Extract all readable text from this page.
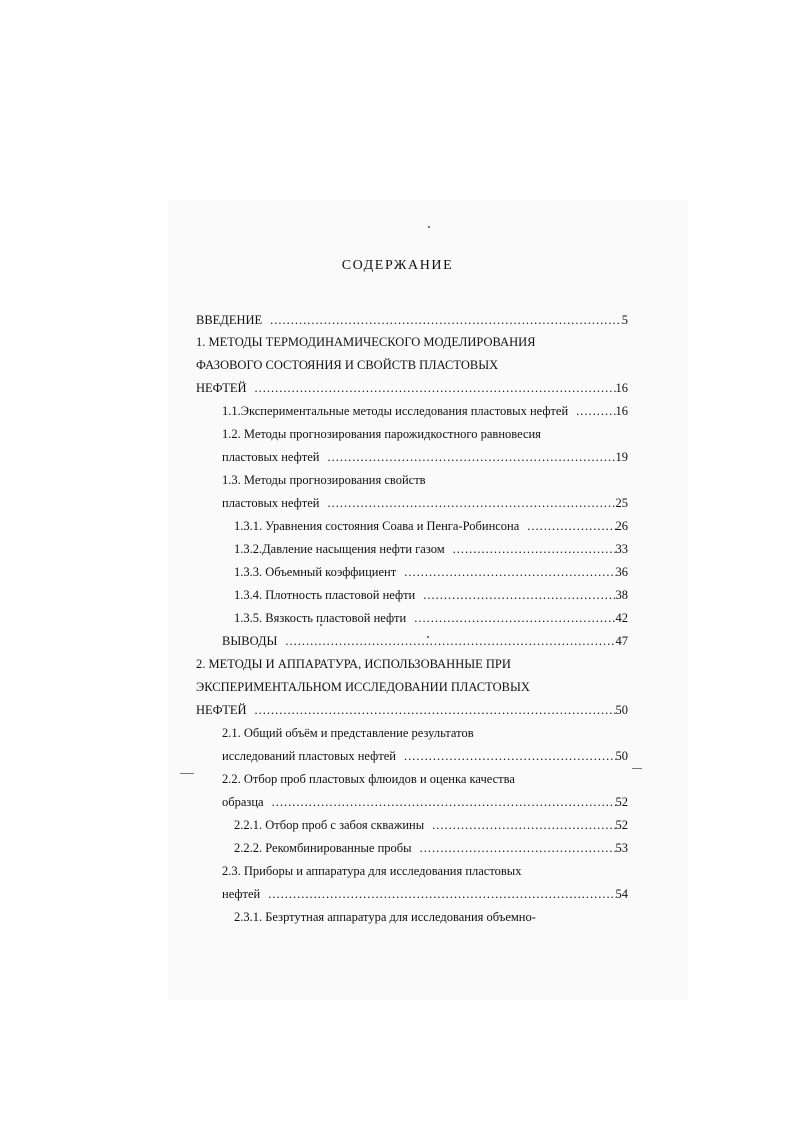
СОДЕРЖАНИЕ
ВВЕДЕНИЕ .....	5
1. МЕТОДЫ ТЕРМОДИНАМИЧЕСКОГО МОДЕЛИРОВАНИЯ
ФАЗОВОГО СОСТОЯНИЯ И СВОЙСТВ ПЛАСТОВЫХ
НЕФТЕЙ .....	16
1.1.Экспериментальные методы исследования пластовых нефтей .....	16
1.2. Методы прогнозирования парожидкостного равновесия
пластовых нефтей .....	19
1.3. Методы прогнозирования свойств
пластовых нефтей .....	25
1.3.1. Уравнения состояния Соава и Пенга-Робинсона .....	26
1.3.2.Давление насыщения нефти газом .....	33
1.3.3. Объемный коэффициент .....	36
1.3.4. Плотность пластовой нефти .....	38
1.3.5. Вязкость пластовой нефти .....	42
ВЫВОДЫ .....	47
2. МЕТОДЫ И АППАРАТУРА, ИСПОЛЬЗОВАННЫЕ ПРИ
ЭКСПЕРИМЕНТАЛЬНОМ ИССЛЕДОВАНИИ ПЛАСТОВЫХ
НЕФТЕЙ .....	50
2.1. Общий объём и представление результатов
исследований пластовых нефтей .....	50
2.2. Отбор проб пластовых флюидов и оценка качества
образца .....	52
2.2.1. Отбор проб с забоя скважины .....	52
2.2.2. Рекомбинированные пробы .....	53
2.3. Приборы и аппаратура для исследования пластовых
нефтей .....	54
2.3.1. Безртутная аппаратура для исследования объемно-
